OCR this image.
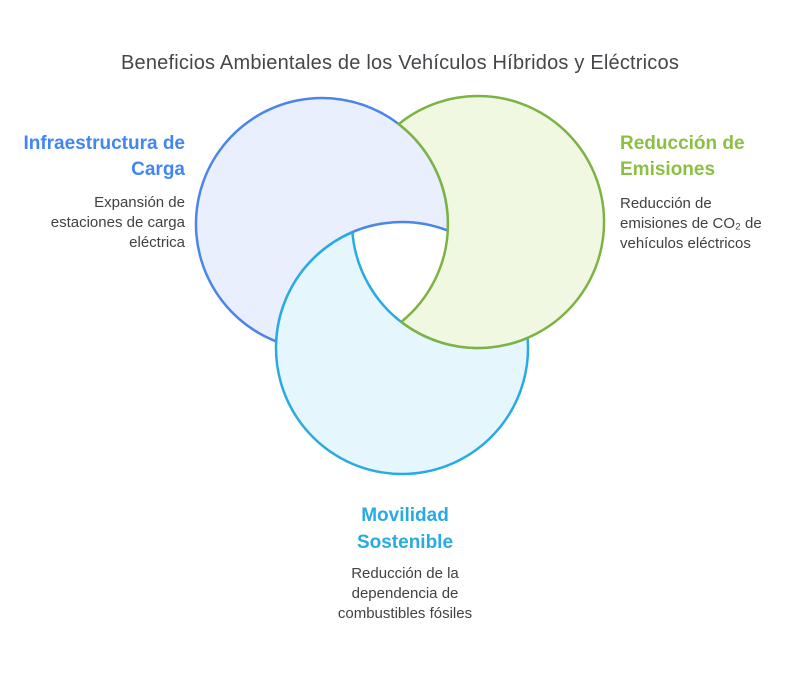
Beneficios Ambientales de los Vehículos Híbridos y Eléctricos
Infraestructura de Carga
Expansión de estaciones de carga eléctrica
Reducción de Emisiones
Reducción de emisiones de CO₂ de vehículos eléctricos
Movilidad Sostenible
Reducción de la dependencia de combustibles fósiles
